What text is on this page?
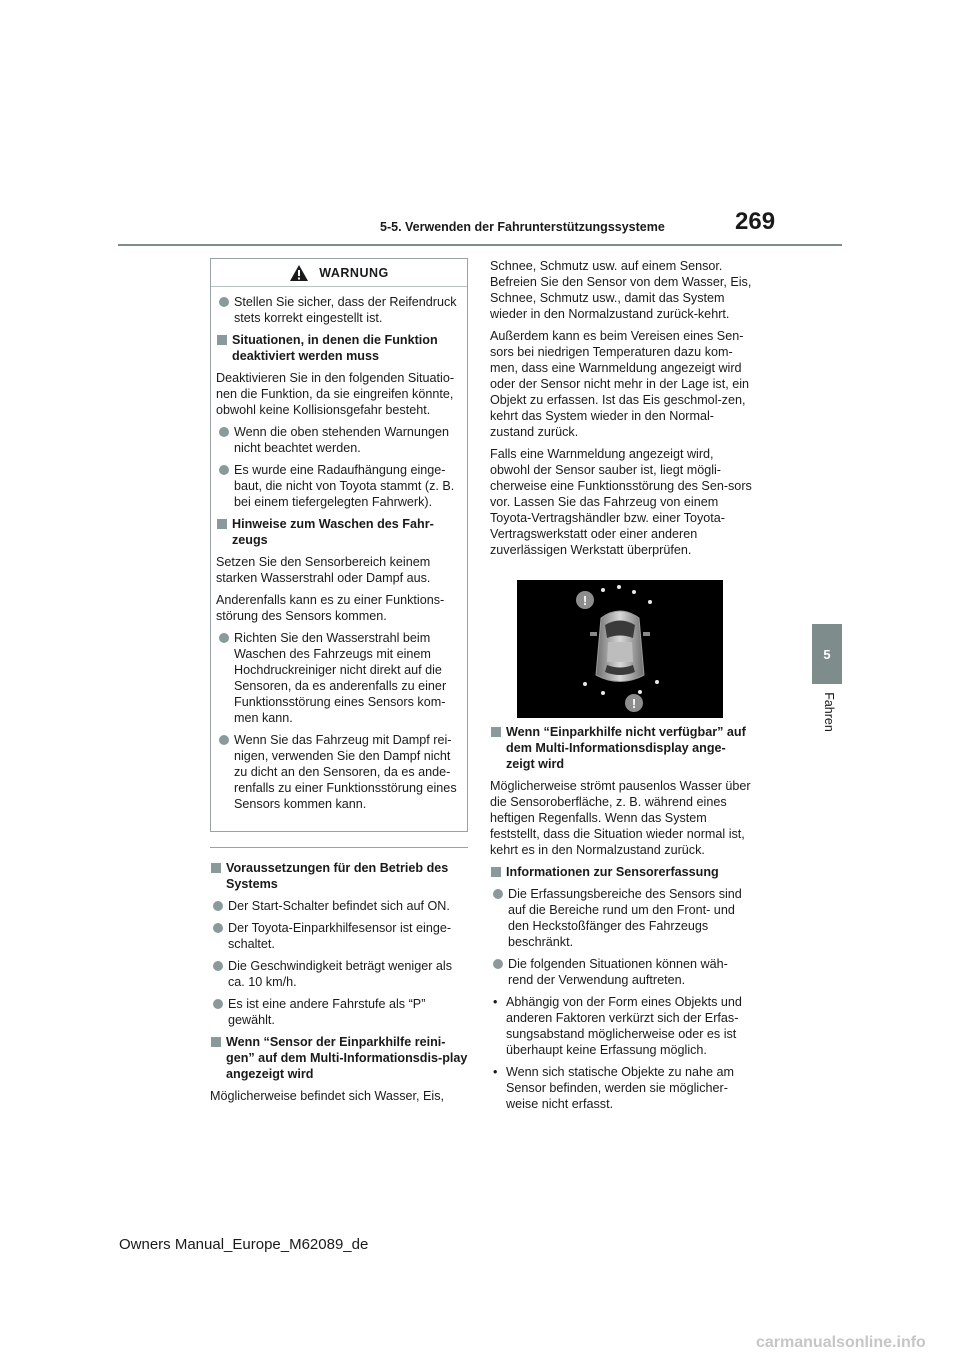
269
5-5. Verwenden der Fahrunterstützungssysteme
5
Fahren
WARNUNG

Stellen Sie sicher, dass der Reifendruck stets korrekt eingestellt ist.

Situationen, in denen die Funktion deaktiviert werden muss

Deaktivieren Sie in den folgenden Situatio-nen die Funktion, da sie eingreifen könnte, obwohl keine Kollisionsgefahr besteht.

Wenn die oben stehenden Warnungen nicht beachtet werden.

Es wurde eine Radaufhängung einge-baut, die nicht von Toyota stammt (z. B. bei einem tiefergelegten Fahrwerk).

Hinweise zum Waschen des Fahr-zeugs

Setzen Sie den Sensorbereich keinem starken Wasserstrahl oder Dampf aus.

Anderenfalls kann es zu einer Funktions-störung des Sensors kommen.

Richten Sie den Wasserstrahl beim Waschen des Fahrzeugs mit einem Hochdruckreiniger nicht direkt auf die Sensoren, da es anderenfalls zu einer Funktionsstörung eines Sensors kom-men kann.

Wenn Sie das Fahrzeug mit Dampf rei-nigen, verwenden Sie den Dampf nicht zu dicht an den Sensoren, da es ande-renfalls zu einer Funktionsstörung eines Sensors kommen kann.

Voraussetzungen für den Betrieb des Systems

Der Start-Schalter befindet sich auf ON.

Der Toyota-Einparkhilfesensor ist einge-schaltet.

Die Geschwindigkeit beträgt weniger als ca. 10 km/h.

Es ist eine andere Fahrstufe als “P” gewählt.

Wenn “Sensor der Einparkhilfe reini-gen” auf dem Multi-Informationsdis-play angezeigt wird

Möglicherweise befindet sich Wasser, Eis,

Schnee, Schmutz usw. auf einem Sensor. Befreien Sie den Sensor von dem Wasser, Eis, Schnee, Schmutz usw., damit das System wieder in den Normalzustand zurück-kehrt.

Außerdem kann es beim Vereisen eines Sen-sors bei niedrigen Temperaturen dazu kom-men, dass eine Warnmeldung angezeigt wird oder der Sensor nicht mehr in der Lage ist, ein Objekt zu erfassen. Ist das Eis geschmol-zen, kehrt das System wieder in den Normal-zustand zurück.

Falls eine Warnmeldung angezeigt wird, obwohl der Sensor sauber ist, liegt mögli-cherweise eine Funktionsstörung des Sen-sors vor. Lassen Sie das Fahrzeug von einem Toyota-Vertragshändler bzw. einer Toyota-Vertragswerkstatt oder einer anderen zuverlässigen Werkstatt überprüfen.

!
!

Wenn “Einparkhilfe nicht verfügbar” auf dem Multi-Informationsdisplay ange-zeigt wird

Möglicherweise strömt pausenlos Wasser über die Sensoroberfläche, z. B. während eines heftigen Regenfalls. Wenn das System feststellt, dass die Situation wieder normal ist, kehrt es in den Normalzustand zurück.

Informationen zur Sensorerfassung

Die Erfassungsbereiche des Sensors sind auf die Bereiche rund um den Front- und den Heckstoßfänger des Fahrzeugs beschränkt.

Die folgenden Situationen können wäh-rend der Verwendung auftreten.

• Abhängig von der Form eines Objekts und anderen Faktoren verkürzt sich der Erfas-sungsabstand möglicherweise oder es ist überhaupt keine Erfassung möglich.

• Wenn sich statische Objekte zu nahe am Sensor befinden, werden sie möglicher-weise nicht erfasst.

Owners Manual_Europe_M62089_de
carmanualsonline.info
